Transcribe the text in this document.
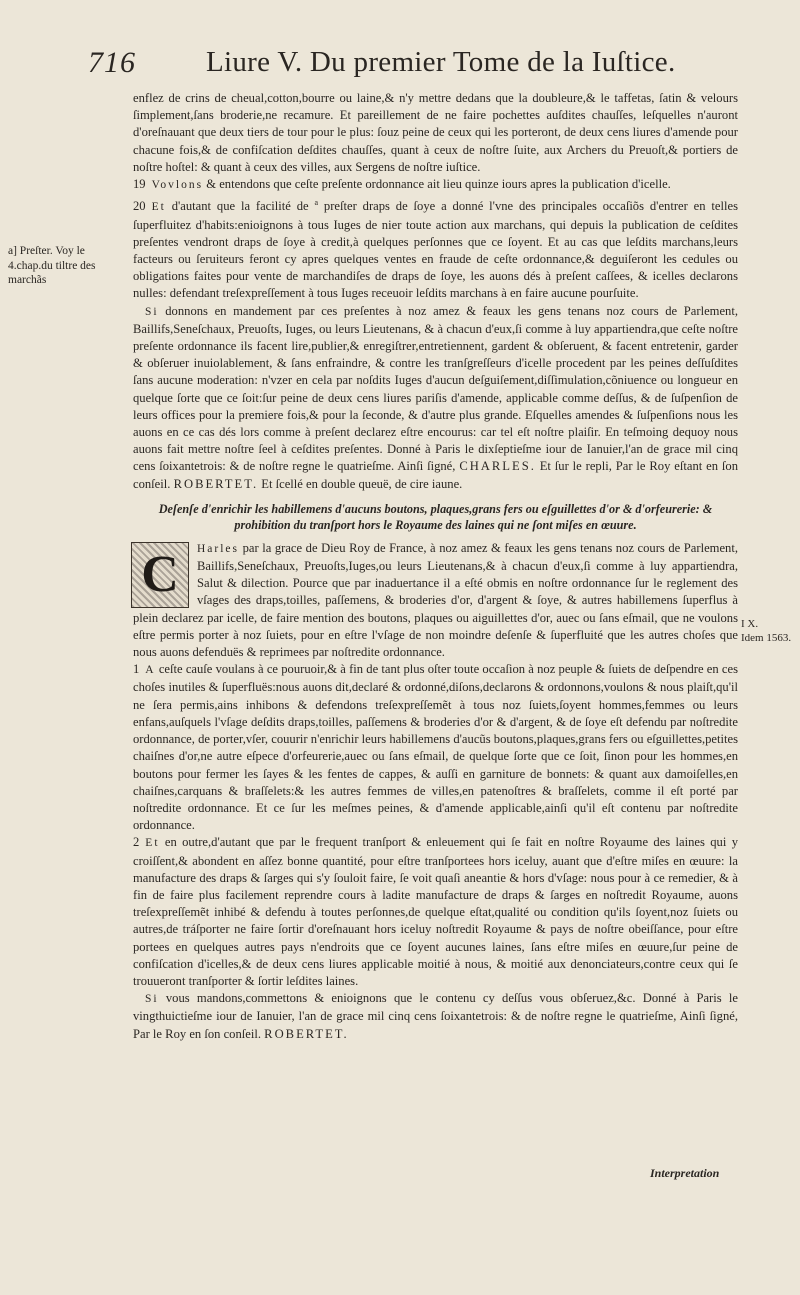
716 Liure V. Du premier Tome de la Iuſtice.
a] Preſter. Voy le 4.chap.du tiltre des marchãs
I X.
Idem 1563.

enflez de crins de cheual,cotton,bourre ou laine,& n'y mettre dedans que la doubleure,& le taffetas, ſatin & velours ſimplement,ſans broderie,ne recamure. Et pareillement de ne faire pochettes auſdites chauſſes, leſquelles n'auront d'oreſnauant que deux tiers de tour pour le plus: ſouz peine de ceux qui les porteront, de deux cens liures d'amende pour chacune fois,& de confiſcation deſdites chauſſes, quant à ceux de noſtre ſuite, aux Archers du Preuoſt,& portiers de noſtre hoſtel: & quant à ceux des villes, aux Sergens de noſtre iuſtice.

19 Vovlons & entendons que ceſte preſente ordonnance ait lieu quinze iours apres la publication d'icelle.

20 Et d'autant que la facilité de $^a$ preſter draps de ſoye a donné l'vne des principales occaſiõs d'entrer en telles ſuperfluitez d'habits:enioignons à tous Iuges de nier toute action aux marchans, qui depuis la publication de ceſdites preſentes vendront draps de ſoye à credit,à quelques perſonnes que ce ſoyent. Et au cas que leſdits marchans,leurs facteurs ou ſeruiteurs feront cy apres quelques ventes en fraude de ceſte ordonnance,& deguiſeront les cedules ou obligations faites pour vente de marchandiſes de draps de ſoye, les auons dés à preſent caſſees, & icelles declarons nulles: defendant treſexpreſſement à tous Iuges receuoir leſdits marchans à en faire aucune pourſuite.

Si donnons en mandement par ces preſentes à noz amez & feaux les gens tenans noz cours de Parlement, Baillifs,Seneſchaux, Preuoſts, Iuges, ou leurs Lieutenans, & à chacun d'eux,ſi comme à luy appartiendra,que ceſte noſtre preſente ordonnance ils facent lire,publier,& enregiſtrer,entretiennent, gardent & obſeruent, & facent entretenir, garder & obſeruer inuiolablement, & ſans enfraindre, & contre les tranſgreſſeurs d'icelle procedent par les peines deſſuſdites ſans aucune moderation: n'vzer en cela par noſdits Iuges d'aucun deſguiſement,diſſimulation,cõniuence ou longueur en quelque ſorte que ce ſoit:ſur peine de deux cens liures pariſis d'amende, applicable comme deſſus, & de ſuſpenſion de leurs offices pour la premiere fois,& pour la ſeconde, & d'autre plus grande. Eſquelles amendes & ſuſpenſions nous les auons en ce cas dés lors comme à preſent declarez eſtre encourus: car tel eſt noſtre plaiſir. En teſmoing dequoy nous auons fait mettre noſtre ſeel à ceſdites preſentes. Donné à Paris le dixſeptieſme iour de Ianuier,l'an de grace mil cinq cens ſoixantetrois: & de noſtre regne le quatrieſme. Ainſi ſigné, CHARLES. Et ſur le repli, Par le Roy eſtant en ſon conſeil. ROBERTET. Et ſcellé en double queuë, de cire iaune.

Deſenſe d'enrichir les habillemens d'aucuns boutons, plaques,grans fers ou eſguillettes d'or & d'orfeurerie: & prohibition du tranſport hors le Royaume des laines qui ne ſont miſes en œuure.
C	Harles par la grace de Dieu Roy de France, à noz amez & feaux les gens tenans noz cours de Parlement, Baillifs,Seneſchaux, Preuoſts,Iuges,ou leurs Lieutenans,& à chacun d'eux,ſi comme à luy appartiendra, Salut & dilection. Pource que par inaduertance il a eſté obmis en noſtre ordonnance ſur le reglement des vſages des draps,toilles, paſſemens, & broderies d'or, d'argent & ſoye, & autres habillemens ſuperflus à plein declarez par icelle, de faire mention des boutons, plaques ou aiguillettes d'or, auec ou ſans eſmail, que ne voulons eſtre permis porter à noz ſuiets, pour en eſtre l'vſage de non moindre deſenſe & ſuperfluité que les autres choſes que nous auons defenduës & reprimees par noſtredite ordonnance.

1 A ceſte cauſe voulans à ce pouruoir,& à fin de tant plus oſter toute occaſion à noz peuple & ſuiets de deſpendre en ces choſes inutiles & ſuperfluës:nous auons dit,declaré & ordonné,diſons,declarons & ordonnons,voulons & nous plaiſt,qu'il ne ſera permis,ains inhibons & defendons treſexpreſſemẽt à tous noz ſuiets,ſoyent hommes,femmes ou leurs enfans,auſquels l'vſage deſdits draps,toilles, paſſemens & broderies d'or & d'argent, & de ſoye eſt defendu par noſtredite ordonnance, de porter,vſer, couurir n'enrichir leurs habillemens d'aucũs boutons,plaques,grans fers ou eſguillettes,petites chaiſnes d'or,ne autre eſpece d'orfeurerie,auec ou ſans eſmail, de quelque ſorte que ce ſoit, ſinon pour les hommes,en boutons pour fermer les ſayes & les fentes de cappes, & auſſi en garniture de bonnets: & quant aux damoiſelles,en chaiſnes,carquans & braſſelets:& les autres femmes de villes,en patenoſtres & braſſelets, comme il eſt porté par noſtredite ordonnance. Et ce ſur les meſmes peines, & d'amende applicable,ainſi qu'il eſt contenu par noſtredite ordonnance.

2 Et en outre,d'autant que par le frequent tranſport & enleuement qui ſe fait en noſtre Royaume des laines qui y croiſſent,& abondent en aſſez bonne quantité, pour eſtre tranſportees hors iceluy, auant que d'eſtre miſes en œuure: la manufacture des draps & ſarges qui s'y ſouloit faire, ſe voit quaſi aneantie & hors d'vſage: nous pour à ce remedier, & à fin de faire plus facilement reprendre cours à ladite manufacture de draps & ſarges en noſtredit Royaume, auons treſexpreſſemẽt inhibé & defendu à toutes perſonnes,de quelque eſtat,qualité ou condition qu'ils ſoyent,noz ſuiets ou autres,de tráſporter ne faire ſortir d'oreſnauant hors iceluy noſtredit Royaume & pays de noſtre obeiſſance, pour eſtre portees en quelques autres pays n'endroits que ce ſoyent aucunes laines, ſans eſtre miſes en œuure,ſur peine de confiſcation d'icelles,& de deux cens liures applicable moitié à nous, & moitié aux denonciateurs,contre ceux qui ſe trouueront tranſporter & ſortir leſdites laines.

Si vous mandons,commettons & enioignons que le contenu cy deſſus vous obſeruez,&c. Donné à Paris le vingthuictieſme iour de Ianuier, l'an de grace mil cinq cens ſoixantetrois: & de noſtre regne le quatrieſme, Ainſi ſigné, Par le Roy en ſon conſeil. ROBERTET.

Interpretation
